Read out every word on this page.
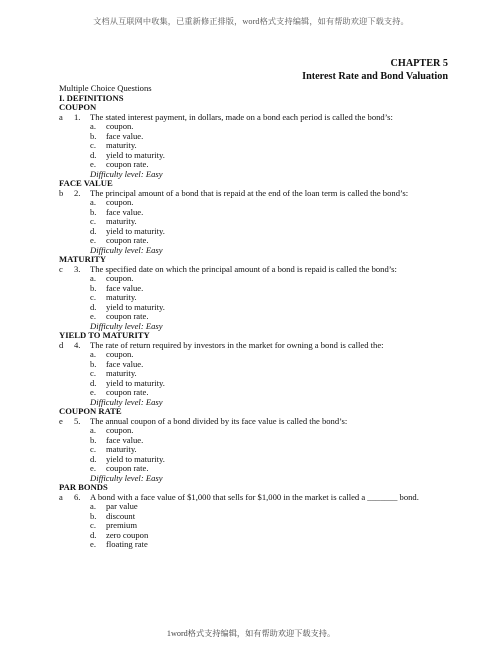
文档从互联网中收集，已重新修正排版，word格式支持编辑，如有帮助欢迎下载支持。
CHAPTER 5
Interest Rate and Bond Valuation
Multiple Choice Questions
I. DEFINITIONS
COUPON
a	1.	The stated interest payment, in dollars, made on a bond each period is called the bond’s:
a.	coupon.
b.	face value.
c.	maturity.
d.	yield to maturity.
e.	coupon rate.
Difficulty level: Easy
FACE VALUE
b	2.	The principal amount of a bond that is repaid at the end of the loan term is called the bond’s:
a.	coupon.
b.	face value.
c.	maturity.
d.	yield to maturity.
e.	coupon rate.
Difficulty level: Easy
MATURITY
c	3.	The specified date on which the principal amount of a bond is repaid is called the bond’s:
a.	coupon.
b.	face value.
c.	maturity.
d.	yield to maturity.
e.	coupon rate.
Difficulty level: Easy
YIELD TO MATURITY
d	4.	The rate of return required by investors in the market for owning a bond is called the:
a.	coupon.
b.	face value.
c.	maturity.
d.	yield to maturity.
e.	coupon rate.
Difficulty level: Easy
COUPON RATE
e	5.	The annual coupon of a bond divided by its face value is called the bond’s:
a.	coupon.
b.	face value.
c.	maturity.
d.	yield to maturity.
e.	coupon rate.
Difficulty level: Easy
PAR BONDS
a	6.	A bond with a face value of $1,000 that sells for $1,000 in the market is called a _______ bond.
a.	par value
b.	discount
c.	premium
d.	zero coupon
e.	floating rate
1word格式支持编辑，如有帮助欢迎下载支持。
